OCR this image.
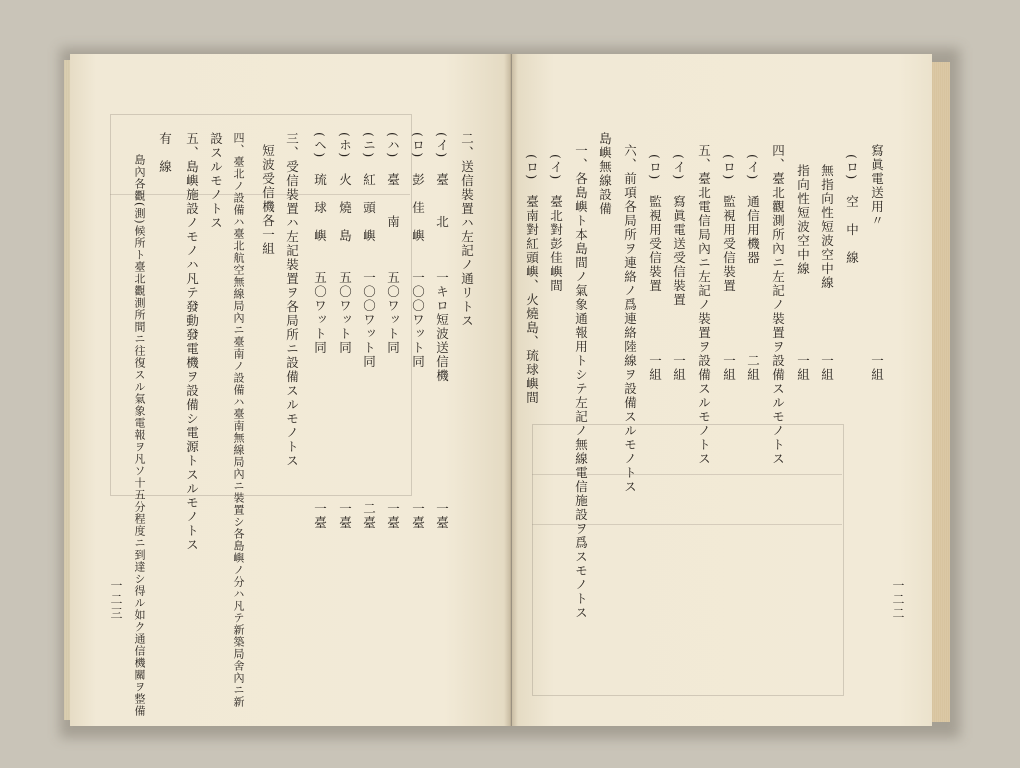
二、送信裝置ハ左記ノ通リトス
(イ)　臺　　北　　　一キロ短波送信機
一臺
(ロ)　彭　佳　嶼　　一〇〇ワット同
一臺
(ハ)　臺　　南　　　五〇ワット同
一臺
(ニ)　紅　頭　嶼　　一〇〇ワット同
二臺
(ホ)　火　燒　島　　五〇ワット同
一臺
(ヘ)　琉　球　嶼　　五〇ワット同
一臺
三、受信裝置ハ左記裝置ヲ各局所ニ設備スルモノトス
短波受信機各一組
四、臺北ノ設備ハ臺北航空無線局內ニ臺南ノ設備ハ臺南無線局內ニ裝置シ各島嶼ノ分ハ凡テ新築局舍內ニ新
設スルモノトス
五、島嶼施設ノモノハ凡テ發動發電機ヲ設備シ電源トスルモノトス
有　線
島內各觀(測)候所ト臺北觀測所間ニ往復スル氣象電報ヲ凡ソ十五分程度ニ到達シ得ル如ク通信機關ヲ整備
一二三
寫眞電送用〃
一組
(ロ)　空　中　線
無指向性短波空中線
一組
指向性短波空中線
一組
四、臺北觀測所內ニ左記ノ裝置ヲ設備スルモノトス
(イ)　通信用機器
二組
(ロ)　監視用受信裝置
一組
五、臺北電信局內ニ左記ノ裝置ヲ設備スルモノトス
(イ)　寫眞電送受信裝置
一組
(ロ)　監視用受信裝置
一組
六、前項各局所ヲ連絡ノ爲連絡陸線ヲ設備スルモノトス
島嶼無線設備
一、各島嶼ト本島間ノ氣象通報用トシテ左記ノ無線電信施設ヲ爲スモノトス
(イ)　臺北對彭佳嶼間
(ロ)　臺南對紅頭嶼、火燒島、琉球嶼間
一二二
